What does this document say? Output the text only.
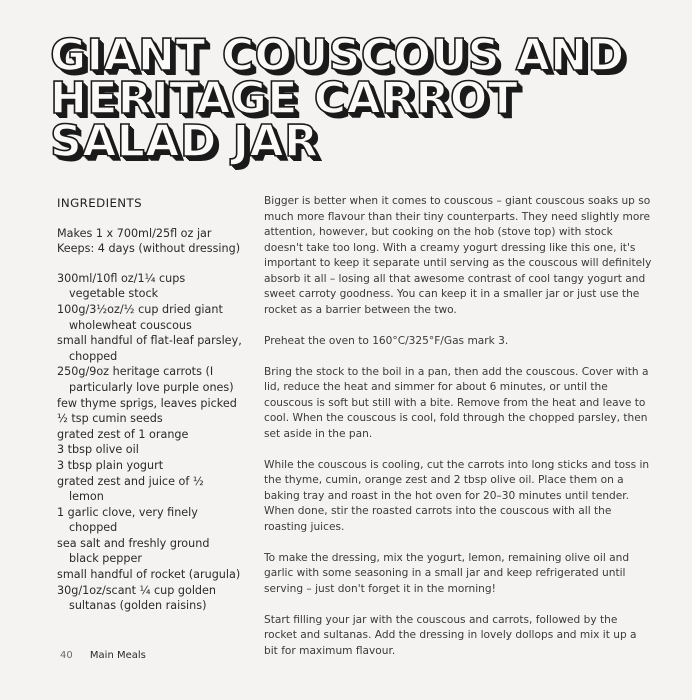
GIANT COUSCOUS AND
HERITAGE CARROT
SALAD JAR
INGREDIENTS
Makes 1 x 700ml/25fl oz jar
Keeps: 4 days (without dressing)
300ml/10fl oz/1¼ cups vegetable stock
100g/3½oz/½ cup dried giant wholewheat couscous
small handful of flat-leaf parsley, chopped
250g/9oz heritage carrots (I particularly love purple ones)
few thyme sprigs, leaves picked
½ tsp cumin seeds
grated zest of 1 orange
3 tbsp olive oil
3 tbsp plain yogurt
grated zest and juice of ½ lemon
1 garlic clove, very finely chopped
sea salt and freshly ground black pepper
small handful of rocket (arugula)
30g/1oz/scant ¼ cup golden sultanas (golden raisins)

Bigger is better when it comes to couscous – giant couscous soaks up so much more flavour than their tiny counterparts. They need slightly more attention, however, but cooking on the hob (stove top) with stock doesn't take too long. With a creamy yogurt dressing like this one, it's important to keep it separate until serving as the couscous will definitely absorb it all – losing all that awesome contrast of cool tangy yogurt and sweet carroty goodness. You can keep it in a smaller jar or just use the rocket as a barrier between the two.

Preheat the oven to 160°C/325°F/Gas mark 3.

Bring the stock to the boil in a pan, then add the couscous. Cover with a lid, reduce the heat and simmer for about 6 minutes, or until the couscous is soft but still with a bite. Remove from the heat and leave to cool. When the couscous is cool, fold through the chopped parsley, then set aside in the pan.

While the couscous is cooling, cut the carrots into long sticks and toss in the thyme, cumin, orange zest and 2 tbsp olive oil. Place them on a baking tray and roast in the hot oven for 20–30 minutes until tender. When done, stir the roasted carrots into the couscous with all the roasting juices.

To make the dressing, mix the yogurt, lemon, remaining olive oil and garlic with some seasoning in a small jar and keep refrigerated until serving – just don't forget it in the morning!

Start filling your jar with the couscous and carrots, followed by the rocket and sultanas. Add the dressing in lovely dollops and mix it up a bit for maximum flavour.

40 Main Meals
